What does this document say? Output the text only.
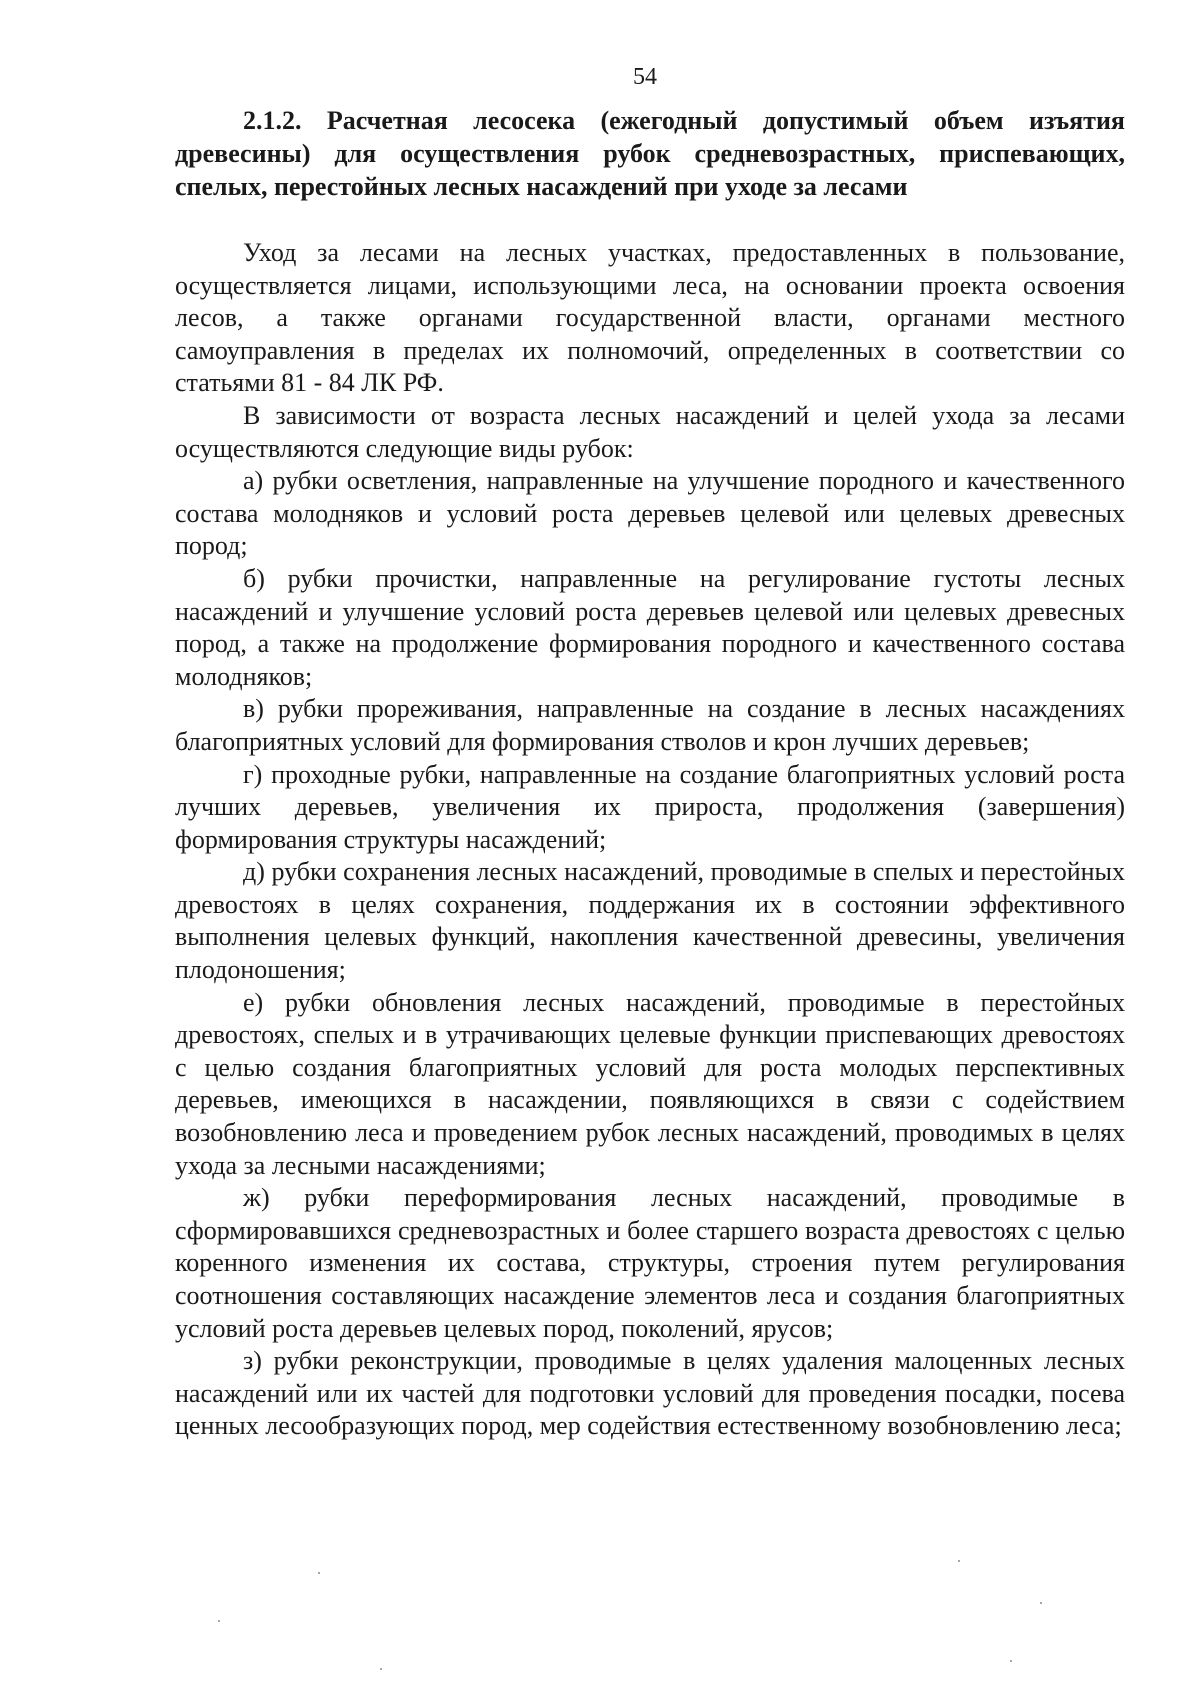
54
2.1.2. Расчетная лесосека (ежегодный допустимый объем изъятия древесины) для осуществления рубок средневозрастных, приспевающих, спелых, перестойных лесных насаждений при уходе за лесами

Уход за лесами на лесных участках, предоставленных в пользование, осуществляется лицами, использующими леса, на основании проекта освоения лесов, а также органами государственной власти, органами местного самоуправления в пределах их полномочий, определенных в соответствии со статьями 81 - 84 ЛК РФ.

В зависимости от возраста лесных насаждений и целей ухода за лесами осуществляются следующие виды рубок:

а) рубки осветления, направленные на улучшение породного и качественного состава молодняков и условий роста деревьев целевой или целевых древесных пород;

б) рубки прочистки, направленные на регулирование густоты лесных насаждений и улучшение условий роста деревьев целевой или целевых древесных пород, а также на продолжение формирования породного и качественного состава молодняков;

в) рубки прореживания, направленные на создание в лесных насаждениях благоприятных условий для формирования стволов и крон лучших деревьев;

г) проходные рубки, направленные на создание благоприятных условий роста лучших деревьев, увеличения их прироста, продолжения (завершения) формирования структуры насаждений;

д) рубки сохранения лесных насаждений, проводимые в спелых и перестойных древостоях в целях сохранения, поддержания их в состоянии эффективного выполнения целевых функций, накопления качественной древесины, увеличения плодоношения;

е) рубки обновления лесных насаждений, проводимые в перестойных древостоях, спелых и в утрачивающих целевые функции приспевающих древостоях с целью создания благоприятных условий для роста молодых перспективных деревьев, имеющихся в насаждении, появляющихся в связи с содействием возобновлению леса и проведением рубок лесных насаждений, проводимых в целях ухода за лесными насаждениями;

ж) рубки переформирования лесных насаждений, проводимые в сформировавшихся средневозрастных и более старшего возраста древостоях с целью коренного изменения их состава, структуры, строения путем регулирования соотношения составляющих насаждение элементов леса и создания благоприятных условий роста деревьев целевых пород, поколений, ярусов;

з) рубки реконструкции, проводимые в целях удаления малоценных лесных насаждений или их частей для подготовки условий для проведения посадки, посева ценных лесообразующих пород, мер содействия естественному возобновлению леса;
